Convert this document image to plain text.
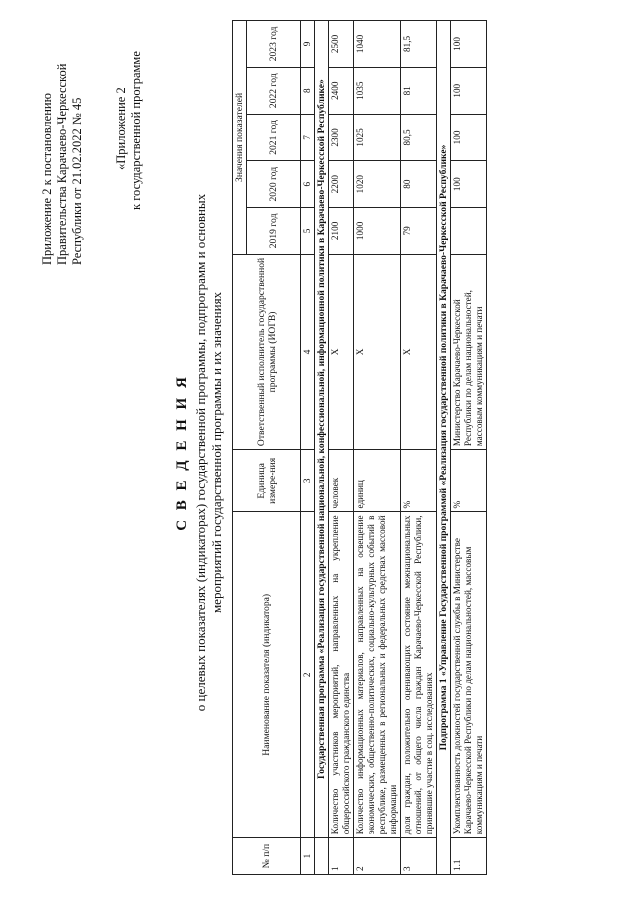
Приложение 2 к постановлению Правительства Карачаево-Черкесской Республики от 21.02.2022 № 45 «Приложение 2 к государственной программе
С В Е Д Е Н И Я о целевых показателях (индикаторах) государственной программы, подпрограмм и основных мероприятий государственной программы и их значениях
№ п/п	Наименование показателя (индикатора)	Единица измере-ния	Ответственный исполнитель государственной программы (ИОГВ)	Значения показателей				
				2019 год	2020 год	2021 год	2022 год	2023 год
1	2	3	4	5	6	7	8	9
	Государственная программа «Реализация государственной национальной, конфессиональной, информационной политики в Карачаево-Черкесской Республике»							
1	Количество участников мероприятий, направленных на укрепление общероссийского гражданского единства	человек	X	2100	2200	2300	2400	2500
2	Количество информационных материалов, направленных на освещение экономических, общественно-политических, социально-культурных событий в республике, размещенных в региональных и федеральных средствах массовой информации	единиц	X	1000	1020	1025	1035	1040
3	доля граждан, положительно оценивающих состояние межнациональных отношений, от общего числа граждан Карачаево-Черкесской Республики, принявшие участие в соц. исследованиях	%	X	79	80	80,5	81	81,5
Подпрограмма 1 «Управление Государственной программой «Реализация государственной политики в Карачаево-Черкесской Республике»								
1.1	Укомплектованность должностей государственной службы в Министерстве Карачаево-Черкесской Республики по делам национальностей, массовым коммуникациям и печати	%	Министерство Карачаево-Черкесской Республики по делам национальностей, массовым коммуникациям и печати		100	100	100	100
